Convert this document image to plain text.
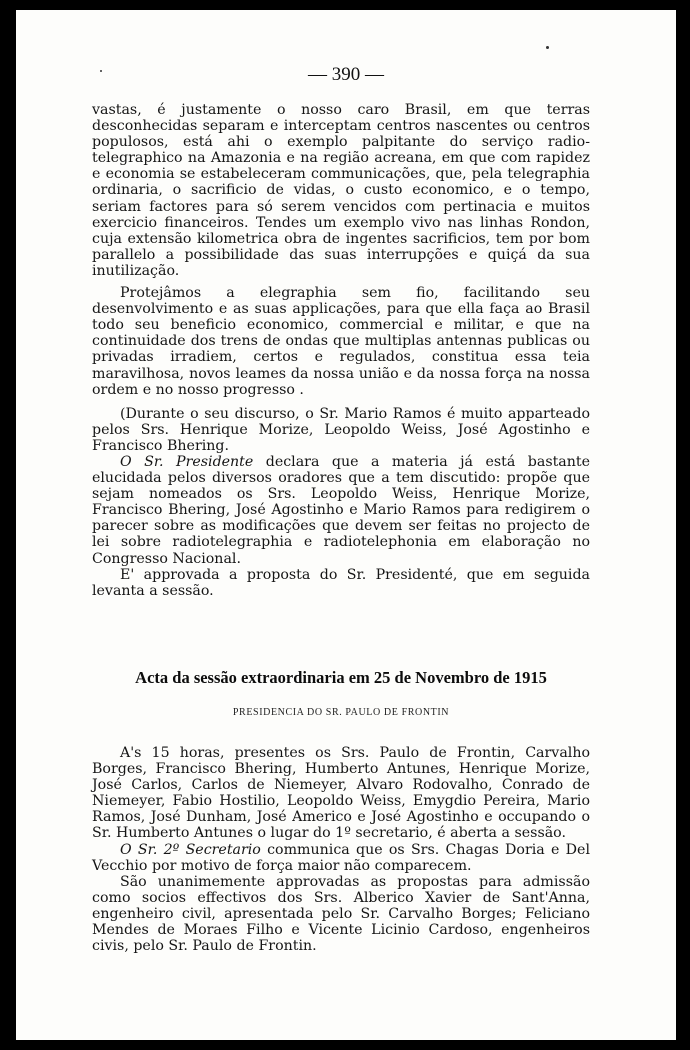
— 390 —

vastas, é justamente o nosso caro Brasil, em que terras desconhecidas separam e interceptam centros nascentes ou centros populosos, está ahi o exemplo palpitante do serviço radio-telegraphico na Amazonia e na região acreana, em que com rapidez e economia se estabeleceram communicações, que, pela telegraphia ordinaria, o sacrificio de vidas, o custo economico, e o tempo, seriam factores para só serem vencidos com pertinacia e muitos exercicio financeiros. Tendes um exemplo vivo nas linhas Rondon, cuja extensão kilometrica obra de ingentes sacrificios, tem por bom parallelo a possibilidade das suas interrupções e quiçá da sua inutilização.

Protejâmos a elegraphia sem fio, facilitando seu desenvolvimento e as suas applicações, para que ella faça ao Brasil todo seu beneficio economico, commercial e militar, e que na continuidade dos trens de ondas que multiplas antennas publicas ou privadas irradiem, certos e regulados, constitua essa teia maravilhosa, novos leames da nossa união e da nossa força na nossa ordem e no nosso progresso .

(Durante o seu discurso, o Sr. Mario Ramos é muito apparteado pelos Srs. Henrique Morize, Leopoldo Weiss, José Agostinho e Francisco Bhering.

O Sr. Presidente declara que a materia já está bastante elucidada pelos diversos oradores que a tem discutido: propõe que sejam nomeados os Srs. Leopoldo Weiss, Henrique Morize, Francisco Bhering, José Agostinho e Mario Ramos para redigirem o parecer sobre as modificações que devem ser feitas no projecto de lei sobre radiotelegraphia e radiotelephonia em elaboração no Congresso Nacional.

E' approvada a proposta do Sr. Presidenté, que em seguida levanta a sessão.

Acta da sessão extraordinaria em 25 de Novembro de 1915
PRESIDENCIA DO SR. PAULO DE FRONTIN

A's 15 horas, presentes os Srs. Paulo de Frontin, Carvalho Borges, Francisco Bhering, Humberto Antunes, Henrique Morize, José Carlos, Carlos de Niemeyer, Alvaro Rodovalho, Conrado de Niemeyer, Fabio Hostilio, Leopoldo Weiss, Emygdio Pereira, Mario Ramos, José Dunham, José Americo e José Agostinho e occupando o Sr. Humberto Antunes o lugar do 1º secretario, é aberta a sessão.

O Sr. 2º Secretario communica que os Srs. Chagas Doria e Del Vecchio por motivo de força maior não comparecem.

São unanimemente approvadas as propostas para admissão como socios effectivos dos Srs. Alberico Xavier de Sant'Anna, engenheiro civil, apresentada pelo Sr. Carvalho Borges; Feliciano Mendes de Moraes Filho e Vicente Licinio Cardoso, engenheiros civis, pelo Sr. Paulo de Frontin.
